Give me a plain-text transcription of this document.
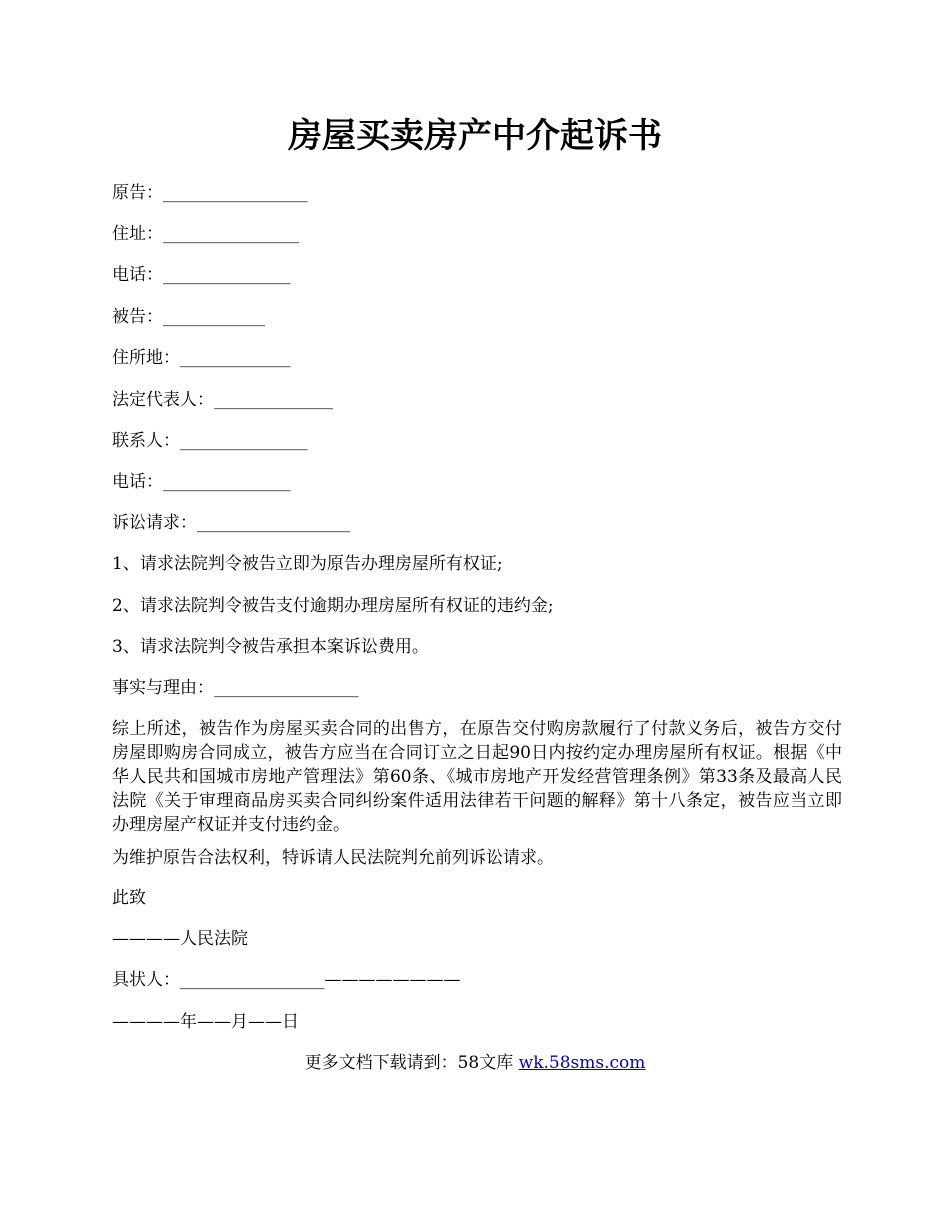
房屋买卖房产中介起诉书
原告：_________________
住址：________________
电话：_______________
被告：____________
住所地：_____________
法定代表人：______________
联系人：_______________
电话：_______________
诉讼请求：__________________
1、请求法院判令被告立即为原告办理房屋所有权证;
2、请求法院判令被告支付逾期办理房屋所有权证的违约金;
3、请求法院判令被告承担本案诉讼费用。
事实与理由：_________________
综上所述，被告作为房屋买卖合同的出售方，在原告交付购房款履行了付款义务后，被告方交付房屋即购房合同成立，被告方应当在合同订立之日起90日内按约定办理房屋所有权证。根据《中华人民共和国城市房地产管理法》第60条、《城市房地产开发经营管理条例》第33条及最高人民法院《关于审理商品房买卖合同纠纷案件适用法律若干问题的解释》第十八条定，被告应当立即办理房屋产权证并支付违约金。
为维护原告合法权利，特诉请人民法院判允前列诉讼请求。
此致
————人民法院
具状人：_________________————————
————年——月——日
更多文档下载请到：58文库 wk.58sms.com
